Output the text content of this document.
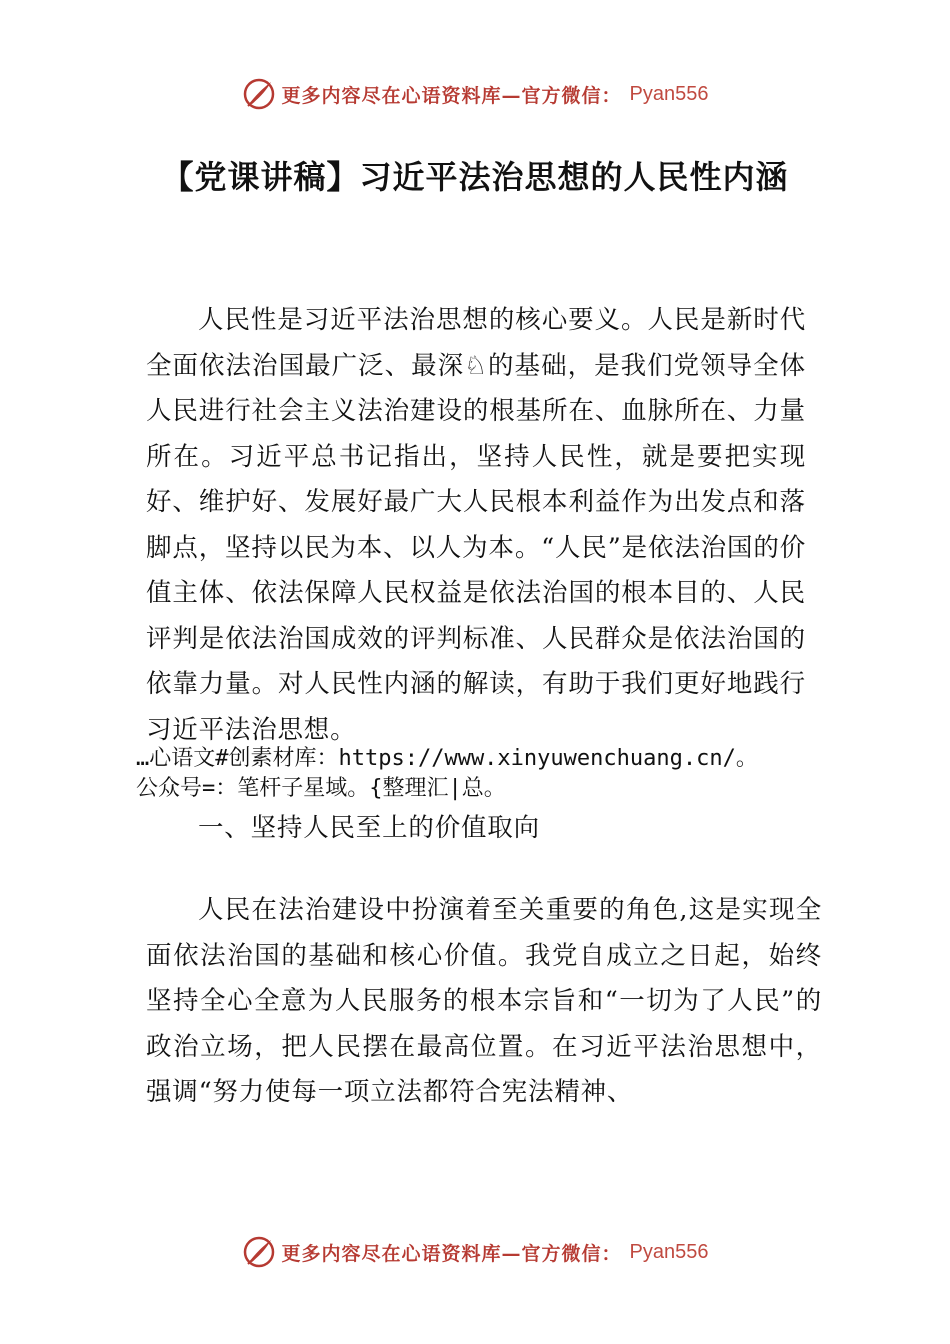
更多内容尽在心语资料库—官方微信： Pyan556
【党课讲稿】习近平法治思想的人民性内涵

人民性是习近平法治思想的核心要义。人民是新时代全面依法治国最广泛、最深♘的基础，是我们党领导全体人民进行社会主义法治建设的根基所在、血脉所在、力量所在。习近平总书记指出，坚持人民性，就是要把实现好、维护好、发展好最广大人民根本利益作为出发点和落脚点，坚持以民为本、以人为本。“人民”是依法治国的价值主体、依法保障人民权益是依法治国的根本目的、人民评判是依法治国成效的评判标准、人民群众是依法治国的依靠力量。对人民性内涵的解读，有助于我们更好地践行习近平法治思想。

…心语文#创素材库：https://www.xinyuwenchuang.cn/。
公众号=：笔杆子星域。{整理汇|总。

一、坚持人民至上的价值取向

人民在法治建设中扮演着至关重要的角色,这是实现全面依法治国的基础和核心价值。我党自成立之日起，始终坚持全心全意为人民服务的根本宗旨和“一切为了人民”的政治立场，把人民摆在最高位置。在习近平法治思想中，强调“努力使每一项立法都符合宪法精神、

更多内容尽在心语资料库—官方微信： Pyan556
